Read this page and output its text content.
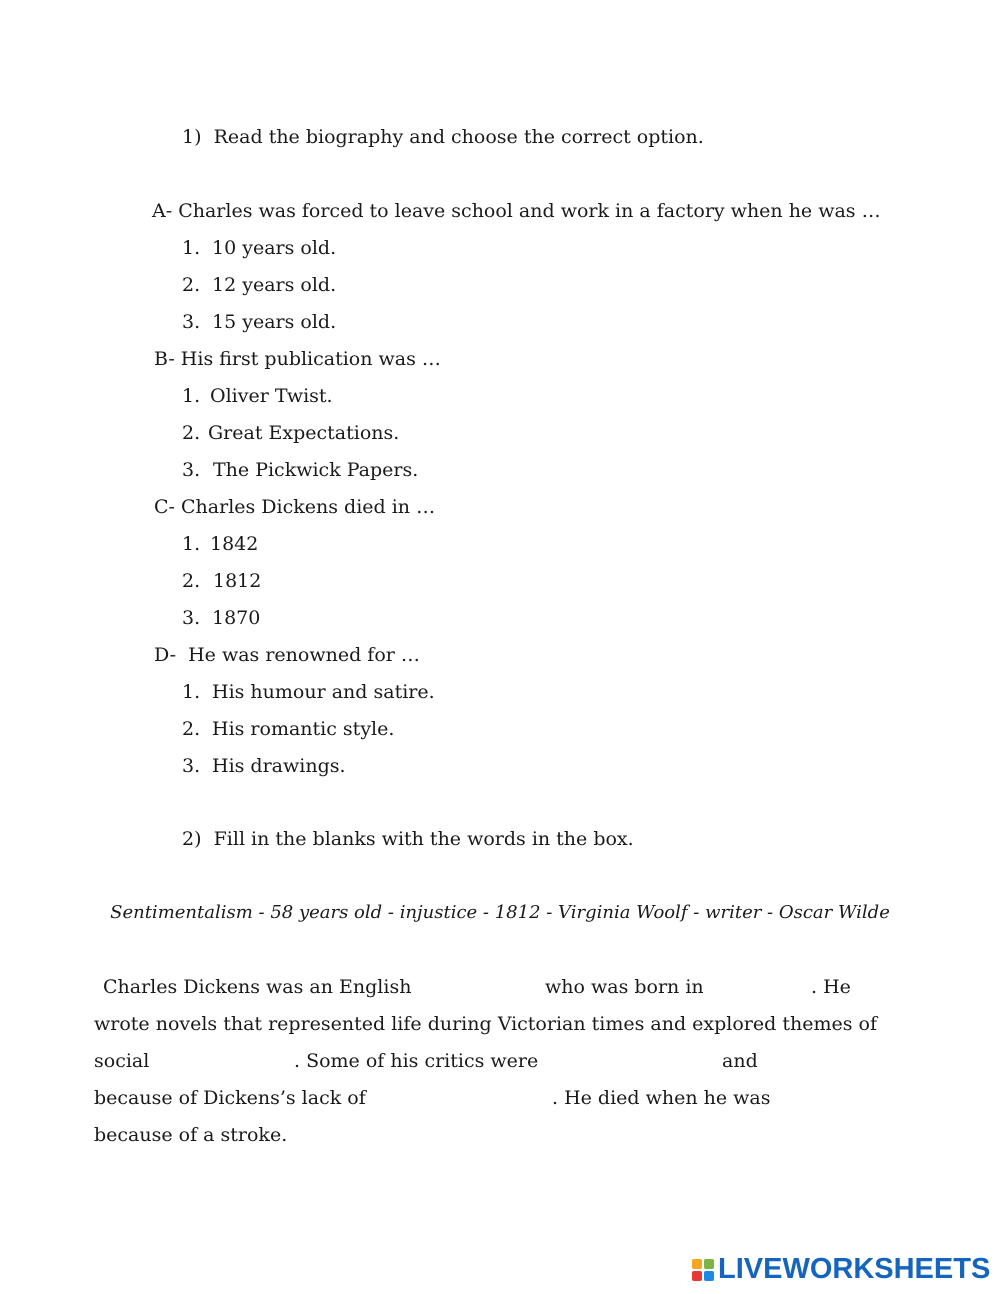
1) Read the biography and choose the correct option.
A- Charles was forced to leave school and work in a factory when he was …
1. 10 years old.
2. 12 years old.
3. 15 years old.
B- His first publication was …
1. Oliver Twist.
2. Great Expectations.
3. The Pickwick Papers.
C- Charles Dickens died in …
1. 1842
2. 1812
3. 1870
D- He was renowned for …
1. His humour and satire.
2. His romantic style.
3. His drawings.
2) Fill in the blanks with the words in the box.
Sentimentalism - 58 years old - injustice - 1812 - Virginia Woolf - writer - Oscar Wilde
Charles Dickens was an English	who was born in	. He
wrote novels that represented life during Victorian times and explored themes of
social	. Some of his critics were	and
because of Dickens’s lack of	. He died when he was
because of a stroke.
LIVEWORKSHEETS
